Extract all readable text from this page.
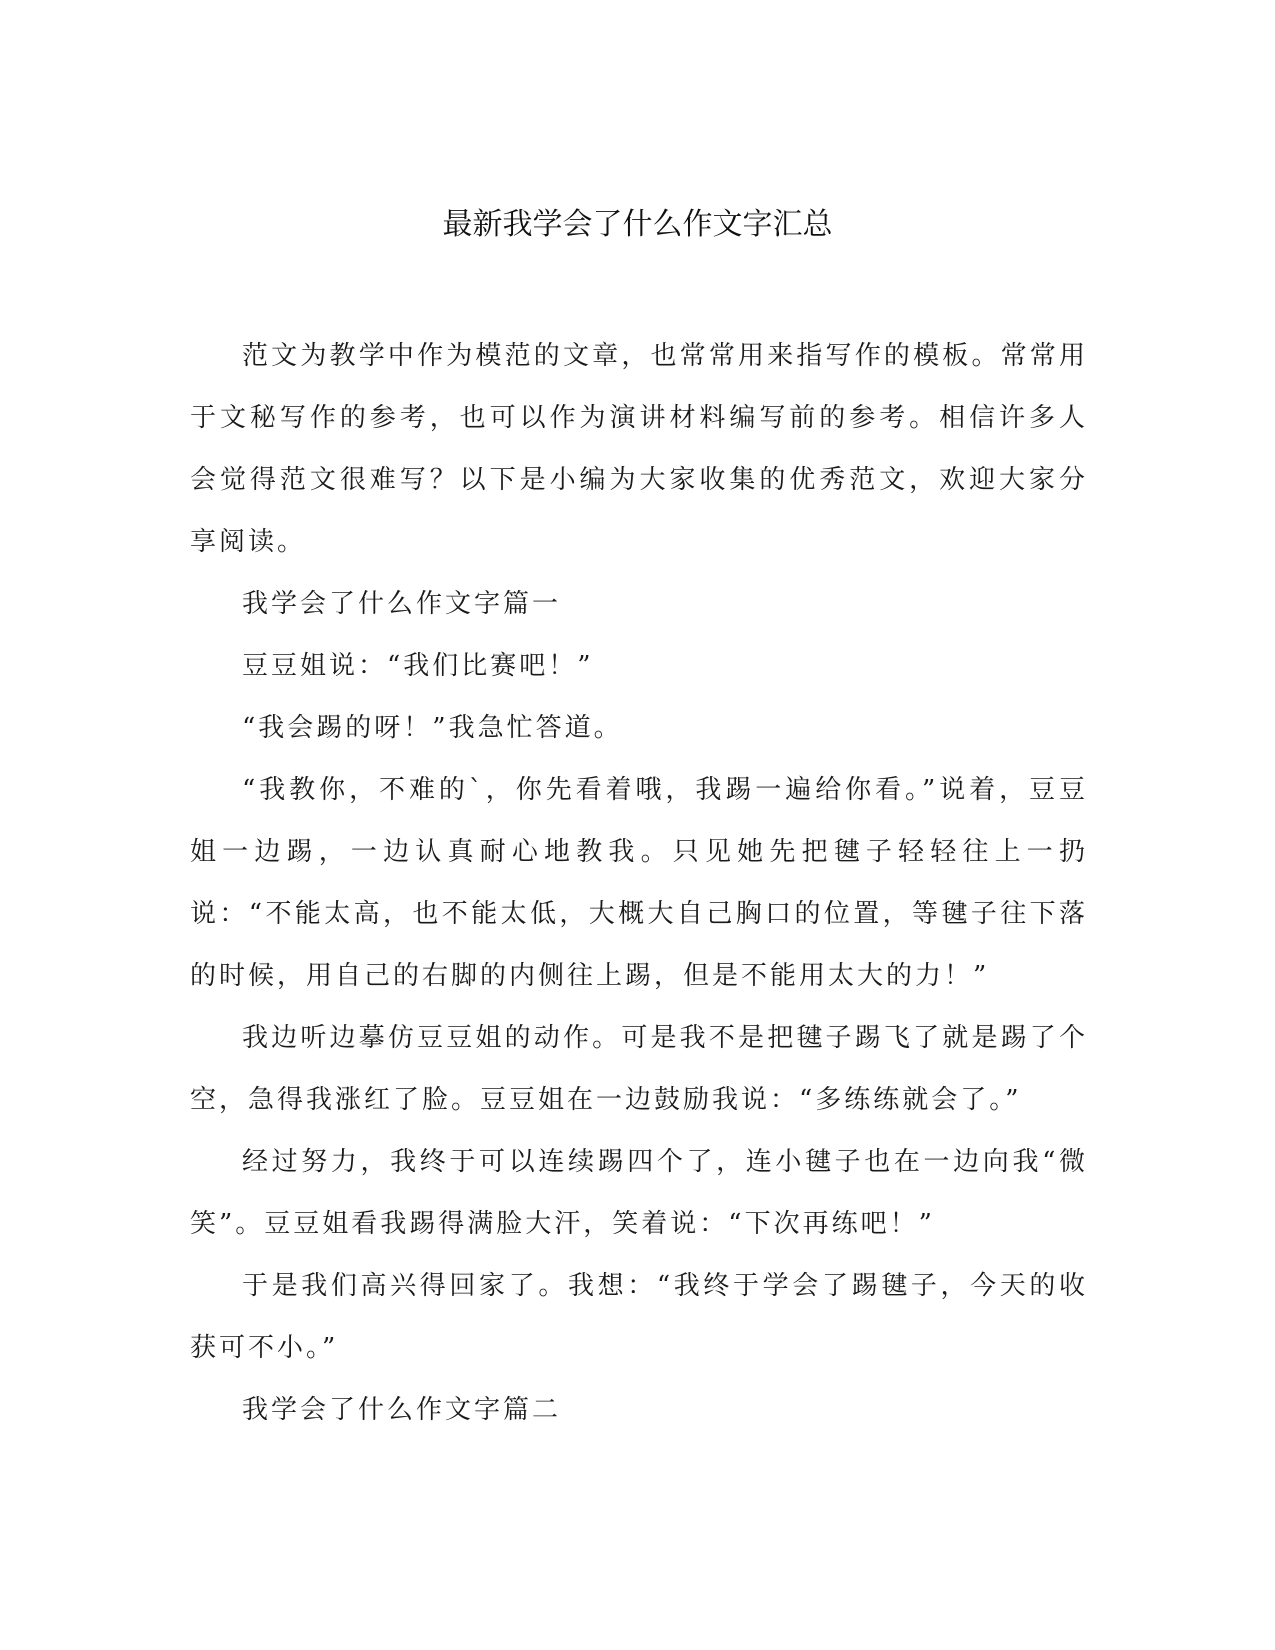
最新我学会了什么作文字汇总

范文为教学中作为模范的文章，也常常用来指写作的模板。常常用于文秘写作的参考，也可以作为演讲材料编写前的参考。相信许多人会觉得范文很难写？以下是小编为大家收集的优秀范文，欢迎大家分享阅读。

我学会了什么作文字篇一

豆豆姐说：“我们比赛吧！”

“我会踢的呀！”我急忙答道。

“我教你，不难的`，你先看着哦，我踢一遍给你看。”说着，豆豆姐一边踢，一边认真耐心地教我。只见她先把毽子轻轻往上一扔说：“不能太高，也不能太低，大概大自己胸口的位置，等毽子往下落的时候，用自己的右脚的内侧往上踢，但是不能用太大的力！”

我边听边摹仿豆豆姐的动作。可是我不是把毽子踢飞了就是踢了个空，急得我涨红了脸。豆豆姐在一边鼓励我说：“多练练就会了。”

经过努力，我终于可以连续踢四个了，连小毽子也在一边向我“微笑”。豆豆姐看我踢得满脸大汗，笑着说：“下次再练吧！”

于是我们高兴得回家了。我想：“我终于学会了踢毽子，今天的收获可不小。”

我学会了什么作文字篇二
